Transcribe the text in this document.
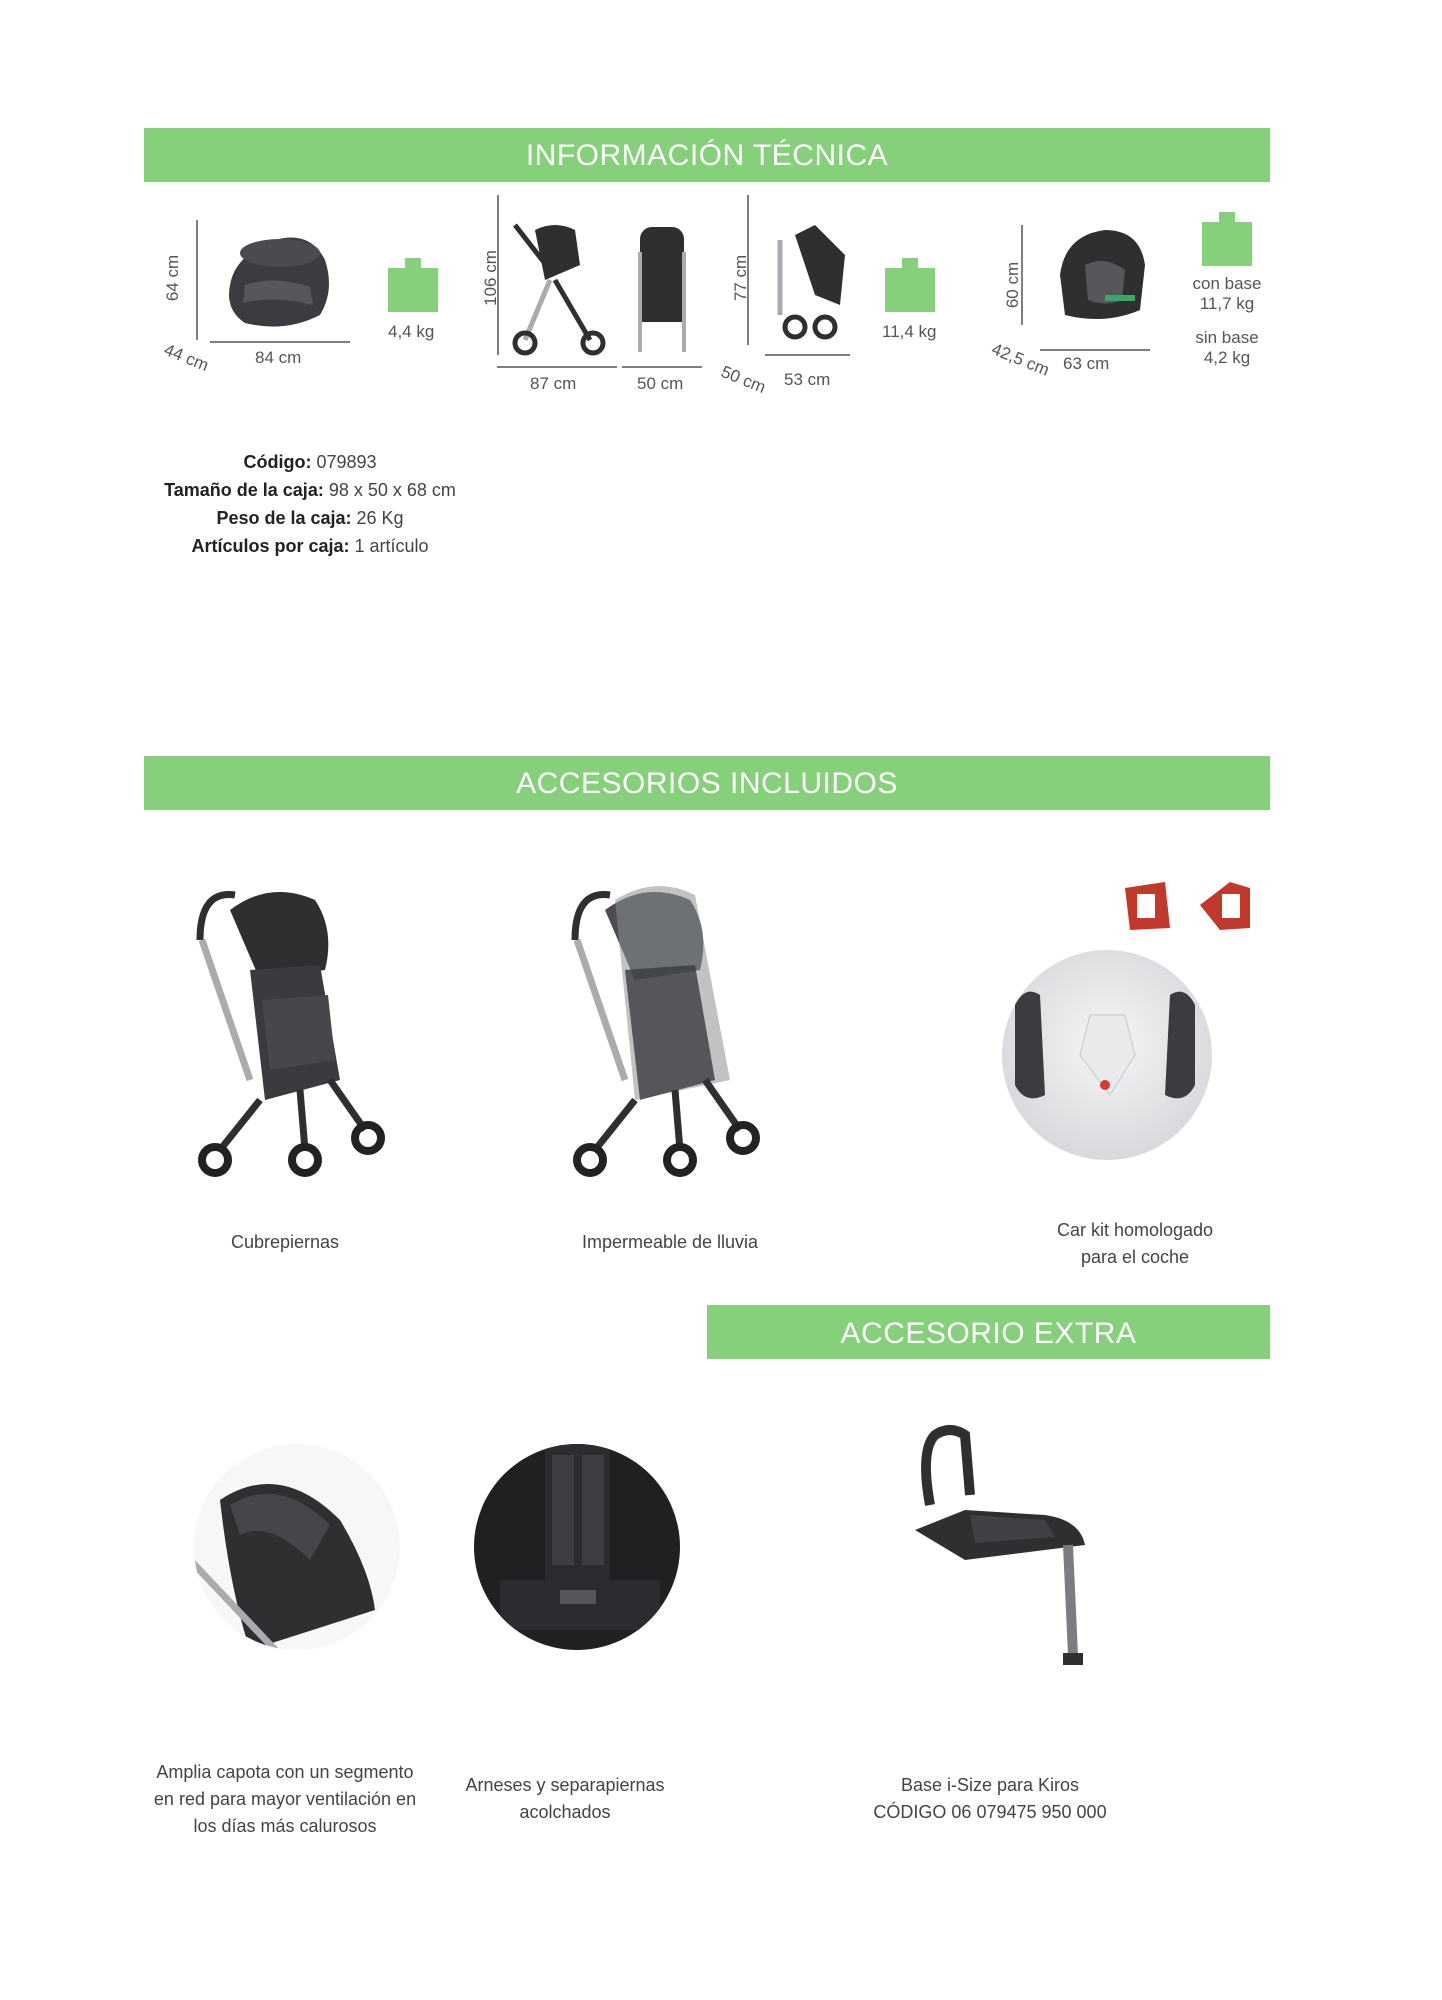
INFORMACIÓN TÉCNICA
64 cm
44 cm	84 cm
4,4 kg
106 cm
87 cm	50 cm
77 cm
50 cm 53 cm
11,4 kg
60 cm
42,5 cm 63 cm
con base
11,7 kg
sin base
4,2 kg
Código: 079893
Tamaño de la caja: 98 x 50 x 68 cm
Peso de la caja: 26 Kg
Artículos por caja: 1 artículo
ACCESORIOS INCLUIDOS
Cubrepiernas	Impermeable de lluvia
Car kit homologado
para el coche
ACCESORIO EXTRA
Amplia capota con un segmento
en red para mayor ventilación en
los días más calurosos
Arneses y separapiernas
acolchados
Base i-Size para Kiros
CÓDIGO 06 079475 950 000
